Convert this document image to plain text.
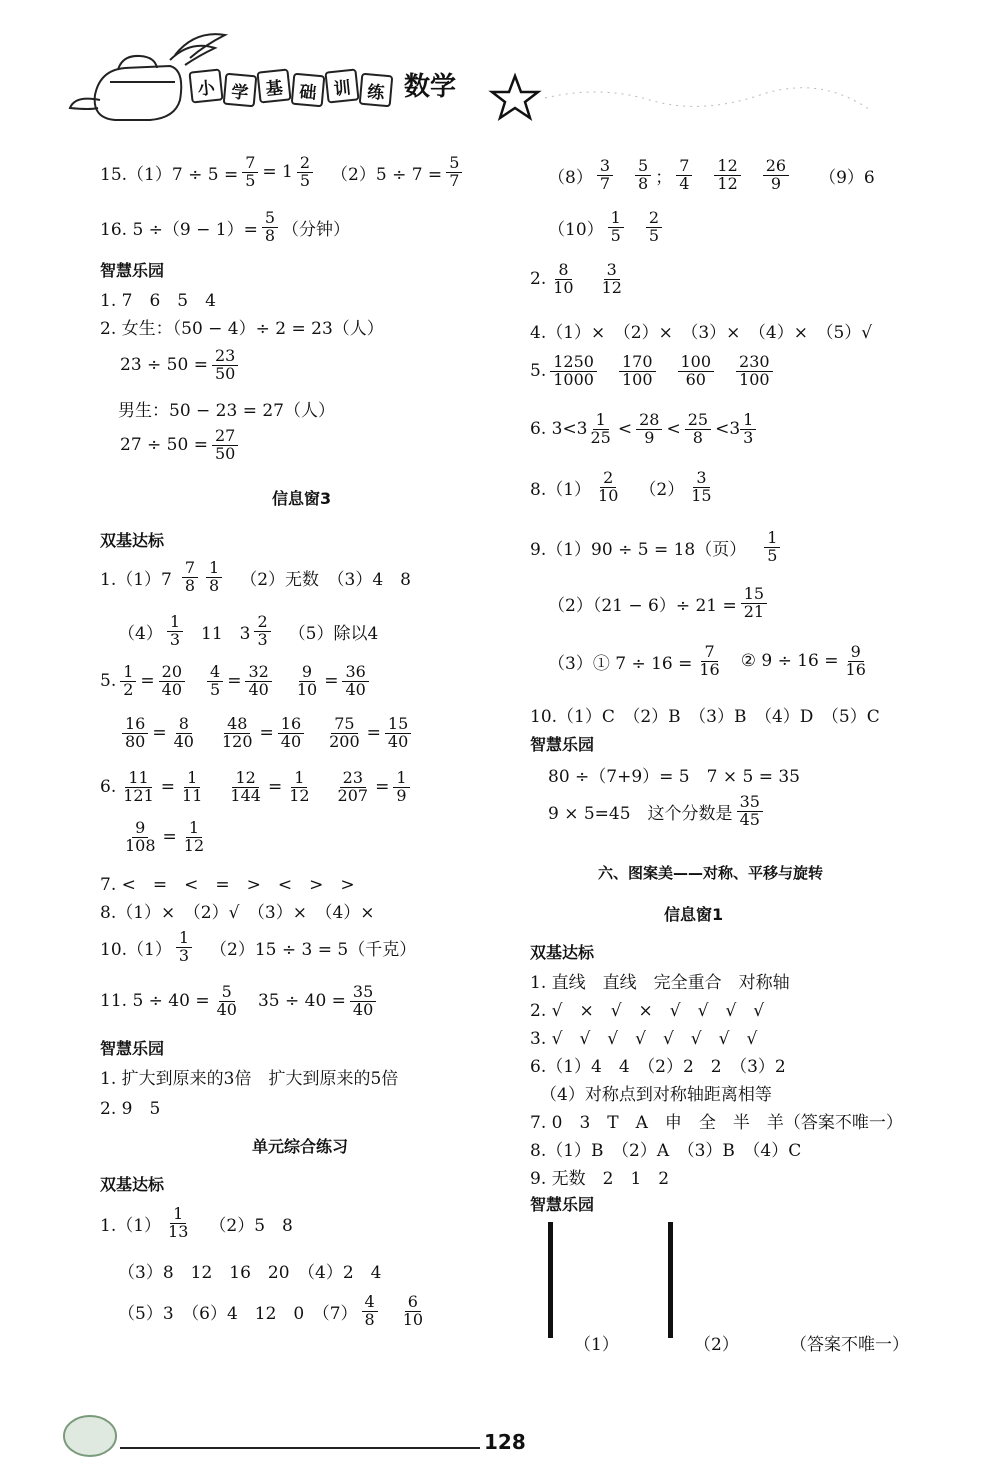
小 学 基 础 训 练 数学
$15.(1)7 \div 5 = \frac{7}{5} = 1 \frac{2}{5} (2)5 \div 7 = \frac{5}{7}$
16. $5 \div(9 - 1)= \frac{5}{8}$ （分钟）
智慧乐园
1. 7　6　5　4
2. 女生：（50 − 4）÷ 2 = 23（人）
$23 \div 50 = \frac{23}{50}$
男生：50 − 23 = 27（人）
$27 \div 50 = \frac{27}{50}$
信息窗3
双基达标
$1.(1)7 \frac{7}{8} \frac{1}{8} (2)$无数　（3）4　8
$(4) \frac{1}{3} 11$　$3 \frac{2}{3} (5)$除以4
5. $\frac{1}{2} = \frac{20}{40} \frac{4}{5} = \frac{32}{40} \frac{9}{10} = \frac{36}{40}$
$\frac{16}{80} = \frac{8}{40} \frac{48}{120} = \frac{16}{40} \frac{75}{200} = \frac{15}{40}$
6. $\frac{11}{121} = \frac{1}{11} \frac{12}{144} = \frac{1}{12} \frac{23}{207} = \frac{1}{9}$
$\frac{9}{108} = \frac{1}{12}$
7. <　=　<　=　>　<　>　>
8.（1）×　（2）√　（3）×　（4）×
$10.(1) \frac{1}{3} (2)15 \div 3 = 5$（千克）
11. $5 \div 40 = \frac{5}{40} 35 \div 40 = \frac{35}{40}$
智慧乐园
1. 扩大到原来的3倍　扩大到原来的5倍
2. 9　5
单元综合练习
双基达标
$1.(1) \frac{1}{13} (2)5$　8
（3）8　12　16　20　（4）2　4
（5）3　（6）4　12　0　$(7) \frac{4}{8} \frac{6}{10}$
$(8) \frac{3}{7} \frac{5}{8}$ ； $\frac{7}{4} \frac{12}{12} \frac{26}{9} (9)6$
$(10) \frac{1}{5} \frac{2}{5}$
2. $\frac{8}{10} \frac{3}{12}$
4.（1）×　（2）×　（3）×　（4）×　（5）√
5. $\frac{1250}{1000} \frac{170}{100} \frac{100}{60} \frac{230}{100}$
6. $3<3 \frac{1}{25} < \frac{28}{9} < \frac{25}{8} <3 \frac{1}{3}$
$8.(1) \frac{2}{10} (2) \frac{3}{15}$
9.（1）90 ÷ 5 = 18（页） $\frac{1}{5}$
$(2)(21 - 6)\div 21 = \frac{15}{21}$
（3）① $7 \div 16 = \frac{7}{16}$ ② $9 \div 16 = \frac{9}{16}$
10.（1）C　（2）B　（3）B　（4）D　（5）C
智慧乐园
80 ÷（7+9）= 5　7 × 5 = 35
9 × 5=45　这个分数是 $\frac{35}{45}$
六、图案美——对称、平移与旋转
信息窗1
双基达标
1. 直线　直线　完全重合　对称轴
2. √　×　√　×　√　√　√　√
3. √　√　√　√　√　√　√　√
6.（1）4　4　（2）2　2　（3）2
（4）对称点到对称轴距离相等
7. 0　3　T　A　申　全　半　羊（答案不唯一）
8.（1）B　（2）A　（3）B　（4）C
9. 无数　2　1　2
智慧乐园

（1）	（2）	（答案不唯一）
128
